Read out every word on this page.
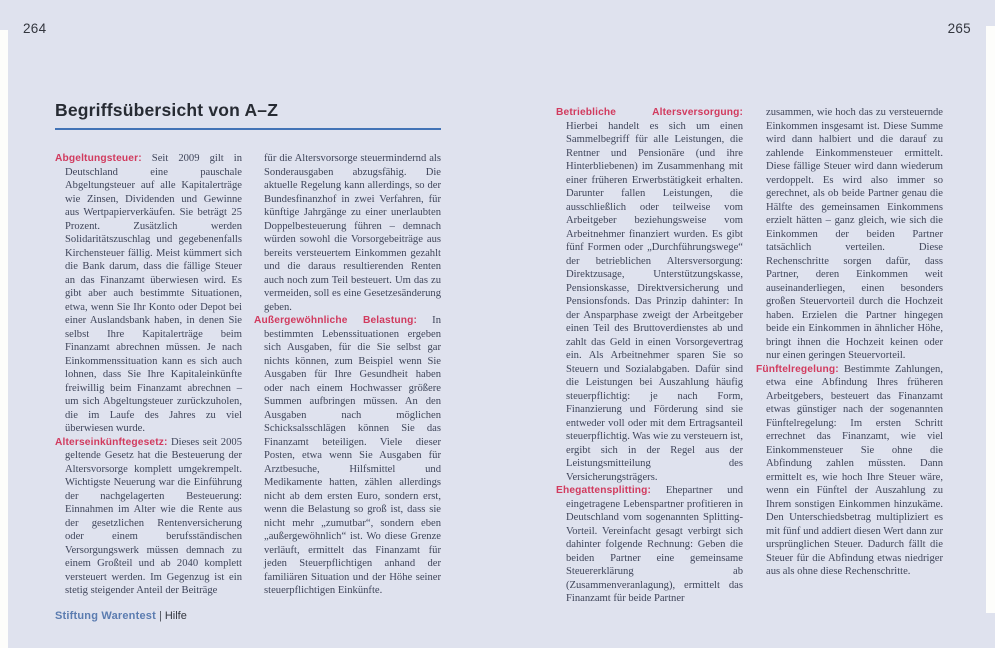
264	265
Begriffsübersicht von A–Z

Abgeltungsteuer: Seit 2009 gilt in Deutschland eine pauschale Abgeltungsteuer auf alle Kapitalerträge wie Zinsen, Dividenden und Gewinne aus Wertpapierverkäufen. Sie beträgt 25 Prozent. Zusätzlich werden Solidaritätszuschlag und gegebenenfalls Kirchensteuer fällig. Meist kümmert sich die Bank darum, dass die fällige Steuer an das Finanzamt überwiesen wird. Es gibt aber auch bestimmte Situationen, etwa, wenn Sie Ihr Konto oder Depot bei einer Auslandsbank haben, in denen Sie selbst Ihre Kapitalerträge beim Finanzamt abrechnen müssen. Je nach Einkommenssituation kann es sich auch lohnen, dass Sie Ihre Kapitaleinkünfte freiwillig beim Finanzamt abrechnen – um sich Abgeltungsteuer zurückzuholen, die im Laufe des Jahres zu viel überwiesen wurde.

Alterseinkünftegesetz: Dieses seit 2005 geltende Gesetz hat die Besteuerung der Altersvorsorge komplett umgekrempelt. Wichtigste Neuerung war die Einführung der nachgelagerten Besteuerung: Einnahmen im Alter wie die Rente aus der gesetzlichen Rentenversicherung oder einem berufsständischen Versorgungswerk müssen demnach zu einem Großteil und ab 2040 komplett versteuert werden. Im Gegenzug ist ein stetig steigender Anteil der Beiträge

für die Altersvorsorge steuermindernd als Sonderausgaben abzugsfähig. Die aktuelle Regelung kann allerdings, so der Bundesfinanzhof in zwei Verfahren, für künftige Jahrgänge zu einer unerlaubten Doppelbesteuerung führen – demnach würden sowohl die Vorsorgebeiträge aus bereits versteuertem Einkommen gezahlt und die daraus resultierenden Renten auch noch zum Teil besteuert. Um das zu vermeiden, soll es eine Gesetzesänderung geben.

Außergewöhnliche Belastung: In bestimmten Lebenssituationen ergeben sich Ausgaben, für die Sie selbst gar nichts können, zum Beispiel wenn Sie Ausgaben für Ihre Gesundheit haben oder nach einem Hochwasser größere Summen aufbringen müssen. An den Ausgaben nach möglichen Schicksalsschlägen können Sie das Finanzamt beteiligen. Viele dieser Posten, etwa wenn Sie Ausgaben für Arztbesuche, Hilfsmittel und Medikamente hatten, zählen allerdings nicht ab dem ersten Euro, sondern erst, wenn die Belastung so groß ist, dass sie nicht mehr „zumutbar“, sondern eben „außergewöhnlich“ ist. Wo diese Grenze verläuft, ermittelt das Finanzamt für jeden Steuerpflichtigen anhand der familiären Situation und der Höhe seiner steuerpflichtigen Einkünfte.

Betriebliche Altersversorgung: Hierbei handelt es sich um einen Sammelbegriff für alle Leistungen, die Rentner und Pensionäre (und ihre Hinterbliebenen) im Zusammenhang mit einer früheren Erwerbstätigkeit erhalten. Darunter fallen Leistungen, die ausschließlich oder teilweise vom Arbeitgeber beziehungsweise vom Arbeitnehmer finanziert wurden. Es gibt fünf Formen oder „Durchführungswege“ der betrieblichen Altersversorgung: Direktzusage, Unterstützungskasse, Pensionskasse, Direktversicherung und Pensionsfonds. Das Prinzip dahinter: In der Ansparphase zweigt der Arbeitgeber einen Teil des Bruttoverdienstes ab und zahlt das Geld in einen Vorsorgevertrag ein. Als Arbeitnehmer sparen Sie so Steuern und Sozialabgaben. Dafür sind die Leistungen bei Auszahlung häufig steuerpflichtig: je nach Form, Finanzierung und Förderung sind sie entweder voll oder mit dem Ertragsanteil steuerpflichtig. Was wie zu versteuern ist, ergibt sich in der Regel aus der Leistungsmitteilung des Versicherungsträgers.

Ehegattensplitting: Ehepartner und eingetragene Lebenspartner profitieren in Deutschland vom sogenannten Splitting-Vorteil. Vereinfacht gesagt verbirgt sich dahinter folgende Rechnung: Geben die beiden Partner eine gemeinsame Steuererklärung ab (Zusammenveranlagung), ermittelt das Finanzamt für beide Partner

zusammen, wie hoch das zu versteuernde Einkommen insgesamt ist. Diese Summe wird dann halbiert und die darauf zu zahlende Einkommensteuer ermittelt. Diese fällige Steuer wird dann wiederum verdoppelt. Es wird also immer so gerechnet, als ob beide Partner genau die Hälfte des gemeinsamen Einkommens erzielt hätten – ganz gleich, wie sich die Einkommen der beiden Partner tatsächlich verteilen. Diese Rechenschritte sorgen dafür, dass Partner, deren Einkommen weit auseinanderliegen, einen besonders großen Steuervorteil durch die Hochzeit haben. Erzielen die Partner hingegen beide ein Einkommen in ähnlicher Höhe, bringt ihnen die Hochzeit keinen oder nur einen geringen Steuervorteil.

Fünftelregelung: Bestimmte Zahlungen, etwa eine Abfindung Ihres früheren Arbeitgebers, besteuert das Finanzamt etwas günstiger nach der sogenannten Fünftelregelung: Im ersten Schritt errechnet das Finanzamt, wie viel Einkommensteuer Sie ohne die Abfindung zahlen müssten. Dann ermittelt es, wie hoch Ihre Steuer wäre, wenn ein Fünftel der Auszahlung zu Ihrem sonstigen Einkommen hinzukäme. Den Unterschiedsbetrag multipliziert es mit fünf und addiert diesen Wert dann zur ursprünglichen Steuer. Dadurch fällt die Steuer für die Abfindung etwas niedriger aus als ohne diese Rechenschritte.

Stiftung Warentest | Hilfe
